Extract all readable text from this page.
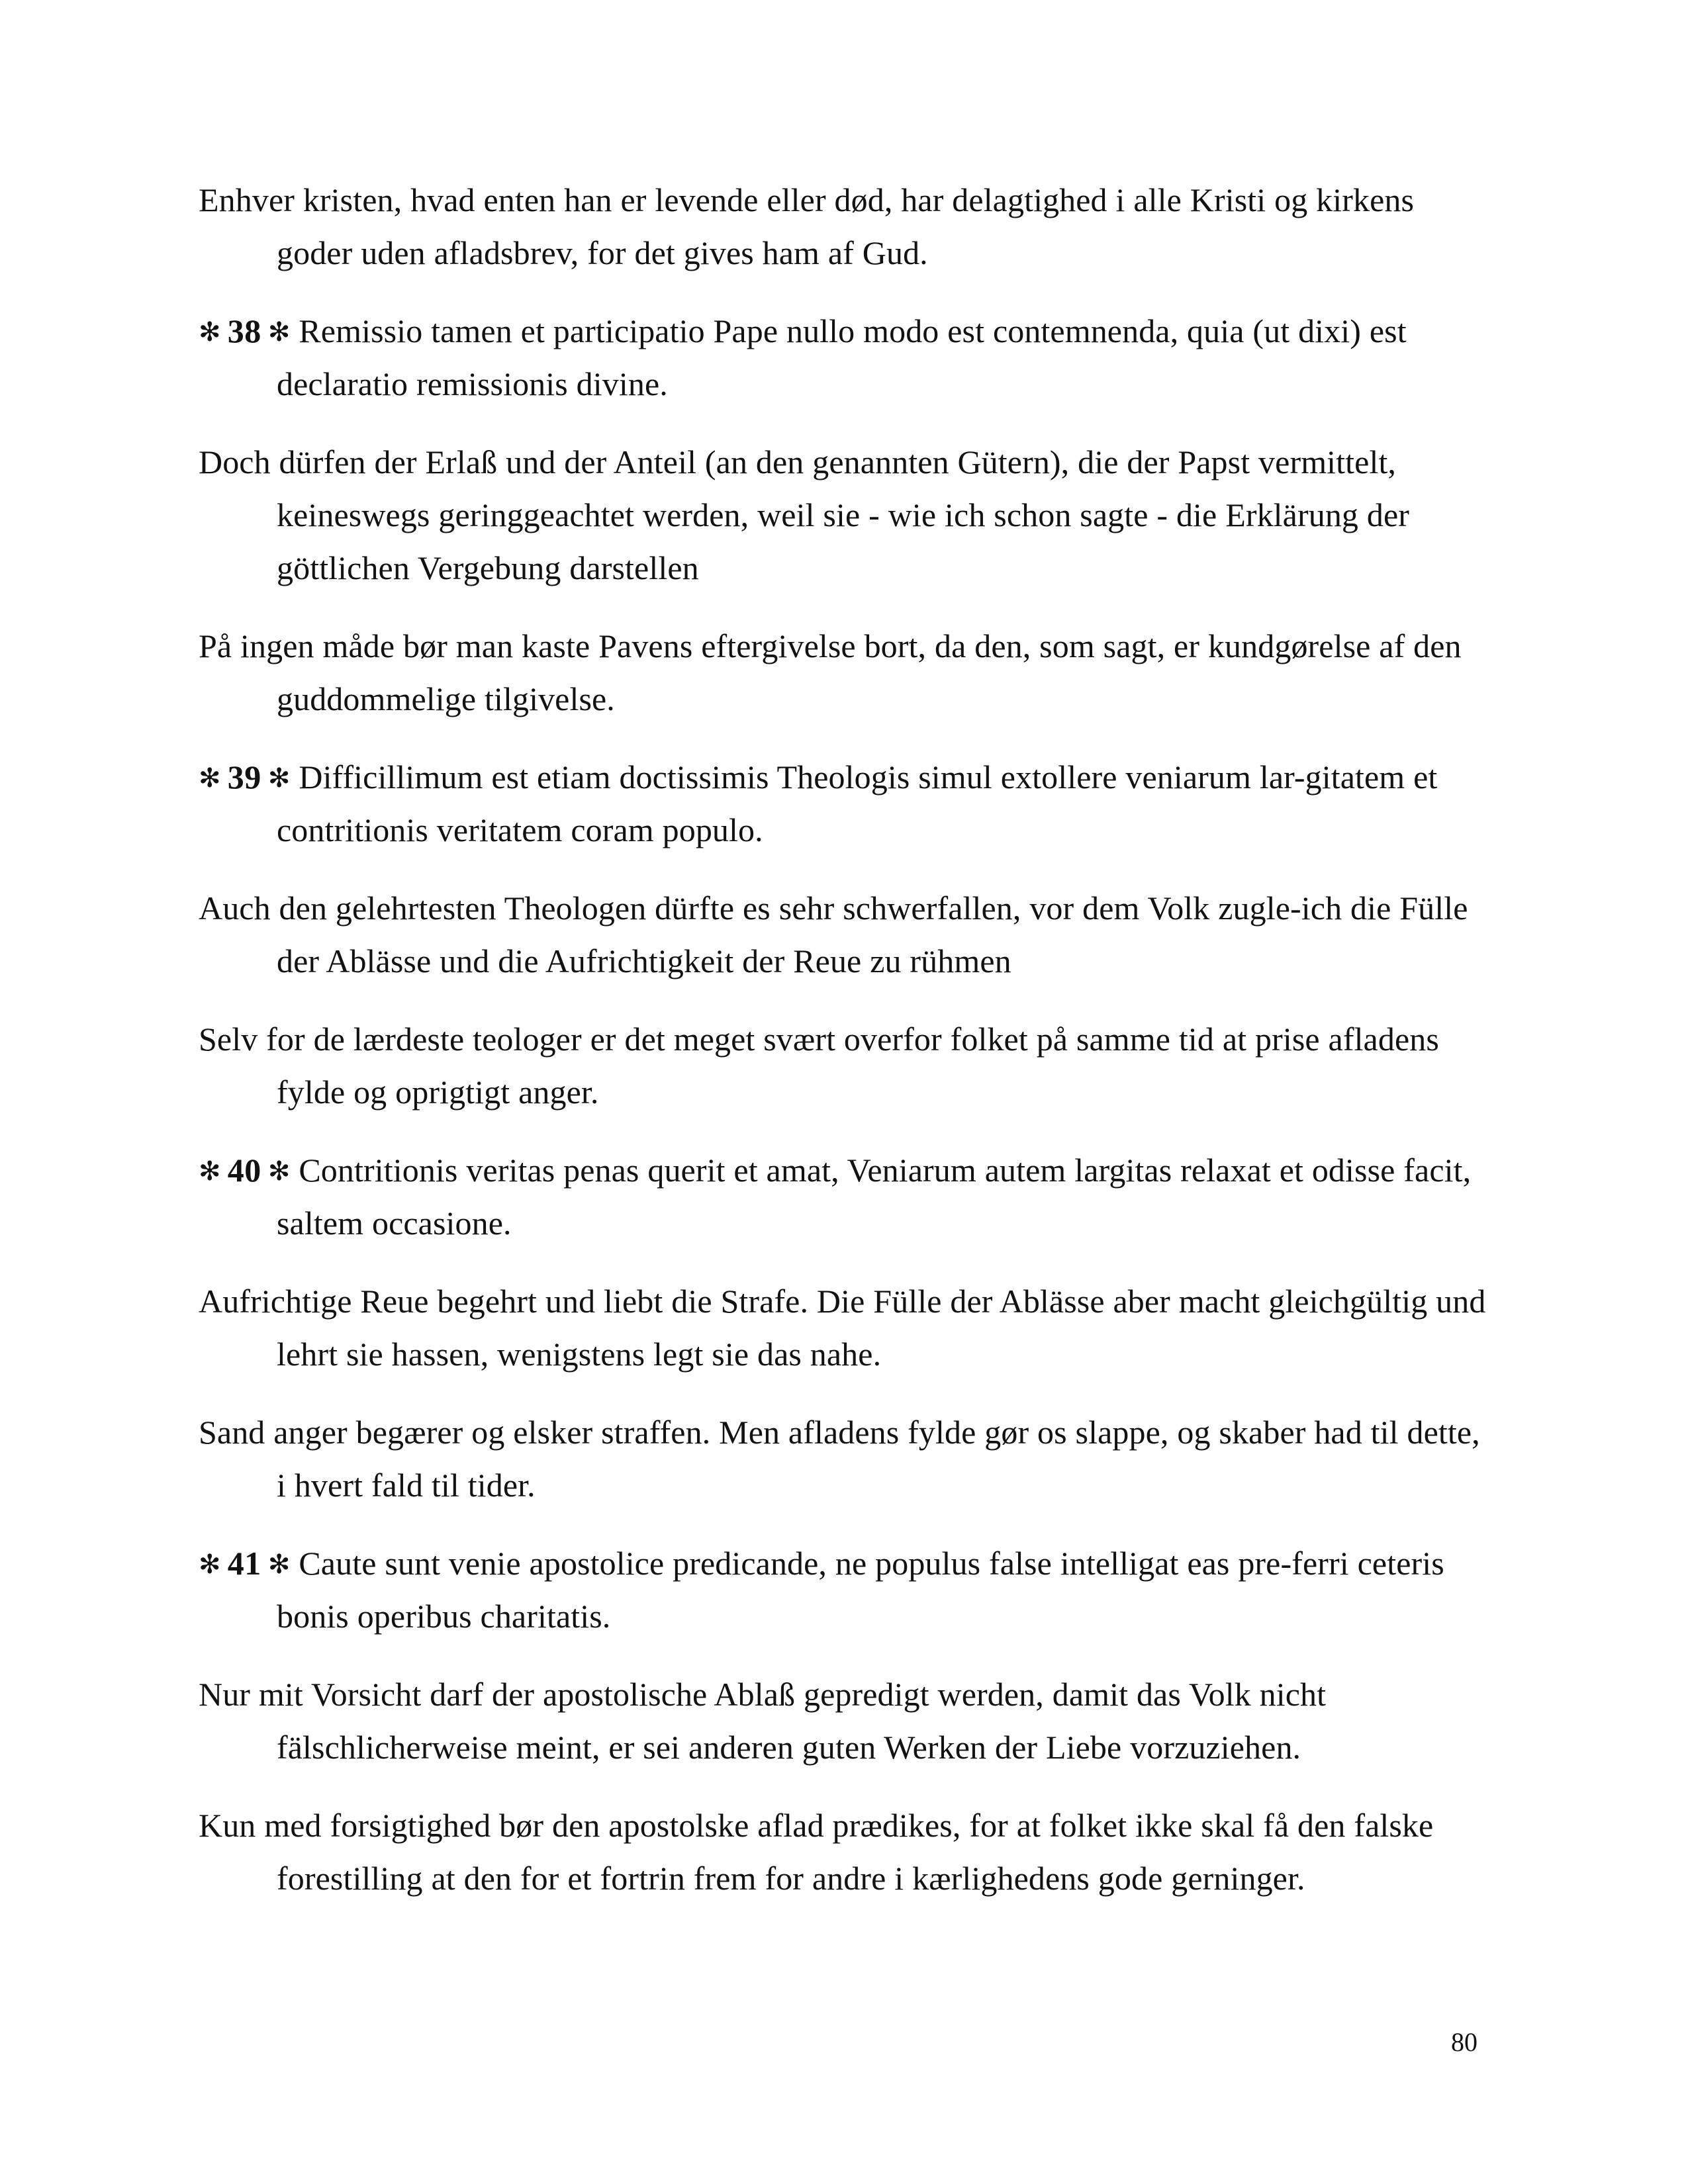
Enhver kristen, hvad enten han er levende eller død, har delagtighed i alle Kristi og kirkens goder uden afladsbrev, for det gives ham af Gud.

✻  38  ✻ Remissio tamen et participatio Pape nullo modo est contemnenda, quia (ut dixi) est declaratio remissionis divine.

Doch dürfen der Erlaß und der Anteil (an den genannten Gütern), die der Papst vermittelt, keineswegs geringgeachtet werden, weil sie - wie ich schon sagte - die Erklärung der göttlichen Vergebung darstellen

På ingen måde bør man kaste Pavens eftergivelse bort, da den, som sagt, er kundgørelse af den guddommelige tilgivelse.

✻  39  ✻ Difficillimum est etiam doctissimis Theologis simul extollere veniarum lar-gitatem et contritionis veritatem coram populo.

Auch den gelehrtesten Theologen dürfte es sehr schwerfallen, vor dem Volk zugle-ich die Fülle der Ablässe und die Aufrichtigkeit der Reue zu rühmen

Selv for de lærdeste teologer er det meget svært overfor folket på samme tid at prise afladens fylde og oprigtigt anger.

✻  40  ✻ Contritionis veritas penas querit et amat, Veniarum autem largitas relaxat et odisse facit, saltem occasione.

Aufrichtige Reue begehrt und liebt die Strafe. Die Fülle der Ablässe aber macht gleichgültig und lehrt sie hassen, wenigstens legt sie das nahe.

Sand anger begærer og elsker straffen. Men afladens fylde gør os slappe, og skaber had til dette, i hvert fald til tider.

✻  41  ✻ Caute sunt venie apostolice predicande, ne populus false intelligat eas pre-ferri ceteris bonis operibus charitatis.

Nur mit Vorsicht darf der apostolische Ablaß gepredigt werden, damit das Volk nicht fälschlicherweise meint, er sei anderen guten Werken der Liebe vorzuziehen.

Kun med forsigtighed bør den apostolske aflad prædikes, for at folket ikke skal få den falske forestilling at den for et fortrin frem for andre i kærlighedens gode gerninger.

80
